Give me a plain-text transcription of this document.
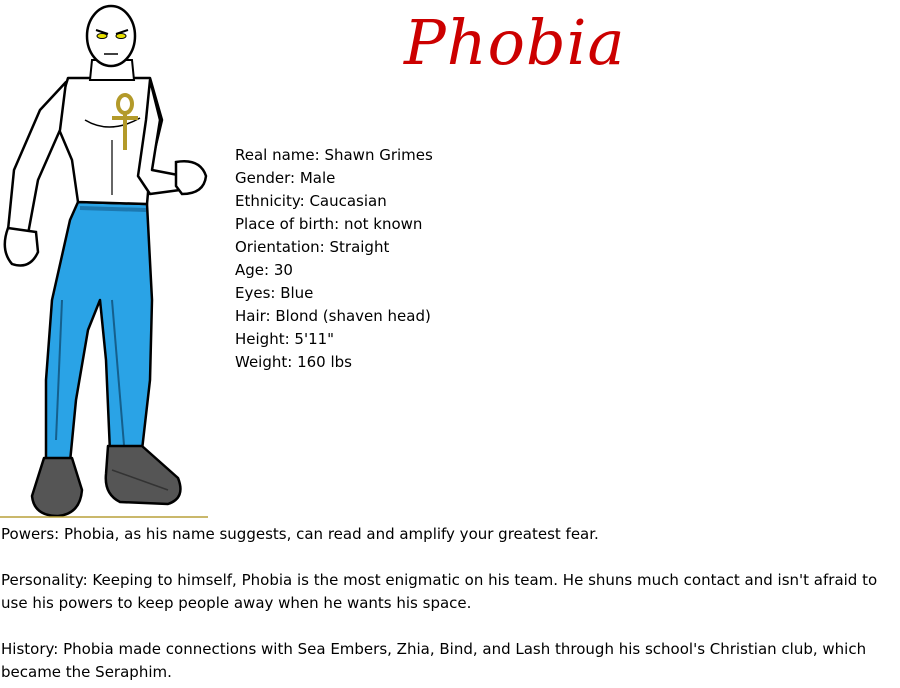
Phobia
Real name: Shawn Grimes
Gender: Male
Ethnicity: Caucasian
Place of birth: not known
Orientation: Straight
Age: 30
Eyes: Blue
Hair: Blond (shaven head)
Height: 5'11"
Weight: 160 lbs

Powers: Phobia, as his name suggests, can read and amplify your greatest fear.

Personality: Keeping to himself, Phobia is the most enigmatic on his team. He shuns much contact and isn't afraid to use his powers to keep people away when he wants his space.

History: Phobia made connections with Sea Embers, Zhia, Bind, and Lash through his school's Christian club, which became the Seraphim.
